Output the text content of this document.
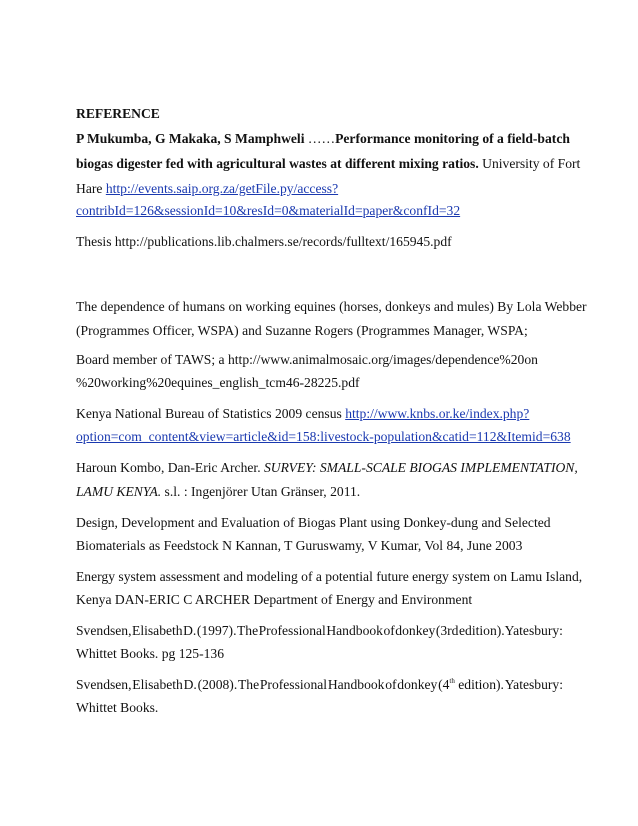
REFERENCE
P Mukumba, G Makaka, S Mamphweli ……Performance monitoring of a field-batch
biogas digester fed with agricultural wastes at different mixing ratios. University of Fort
Hare http://events.saip.org.za/getFile.py/access?
contribId=126&sessionId=10&resId=0&materialId=paper&confId=32
Thesis http://publications.lib.chalmers.se/records/fulltext/165945.pdf
The dependence of humans on working equines (horses, donkeys and mules) By Lola Webber
(Programmes Officer, WSPA) and Suzanne Rogers (Programmes Manager, WSPA;
Board member of TAWS; a http://www.animalmosaic.org/images/dependence%20on
%20working%20equines_english_tcm46-28225.pdf
Kenya National Bureau of Statistics 2009 census http://www.knbs.or.ke/index.php?
option=com_content&view=article&id=158:livestock-population&catid=112&Itemid=638
Haroun Kombo, Dan-Eric Archer. SURVEY: SMALL-SCALE BIOGAS IMPLEMENTATION,
LAMU KENYA. s.l. : Ingenjörer Utan Gränser, 2011.
Design, Development and Evaluation of Biogas Plant using Donkey-dung and Selected
Biomaterials as Feedstock N Kannan, T Guruswamy, V Kumar, Vol 84, June 2003
Energy system assessment and modeling of a potential future energy system on Lamu Island,
Kenya DAN-ERIC C ARCHER Department of Energy and Environment
Svendsen, Elisabeth D. (1997). The Professional Handbook of donkey (3rd edition).Yatesbury:
Whittet Books. pg 125-136
Svendsen, Elisabeth D. (2008). The Professional Handbook of donkey (4th edition). Yatesbury:
Whittet Books.
